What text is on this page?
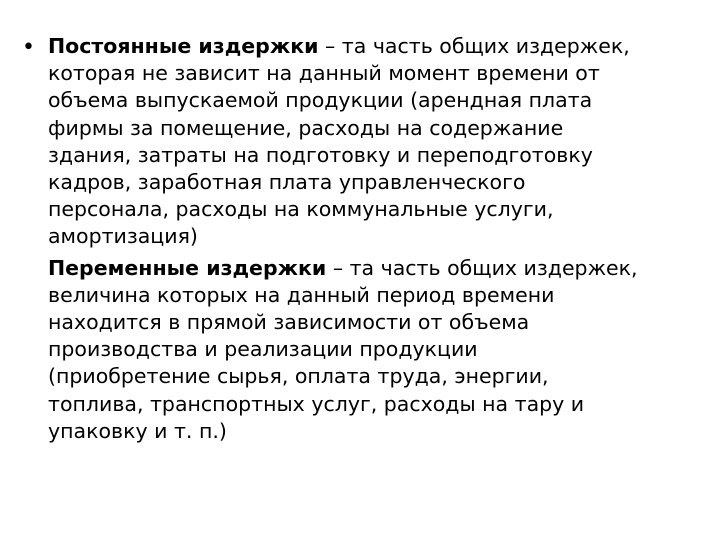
• Постоянные издержки – та часть общих издержек,
которая не зависит на данный момент времени от
объема выпускаемой продукции (арендная плата
фирмы за помещение, расходы на содержание
здания, затраты на подготовку и переподготовку
кадров, заработная плата управленческого
персонала, расходы на коммунальные услуги,
амортизация)

Переменные издержки – та часть общих издержек,
величина которых на данный период времени
находится в прямой зависимости от объема
производства и реализации продукции
(приобретение сырья, оплата труда, энергии,
топлива, транспортных услуг, расходы на тару и
упаковку и т. п.)
